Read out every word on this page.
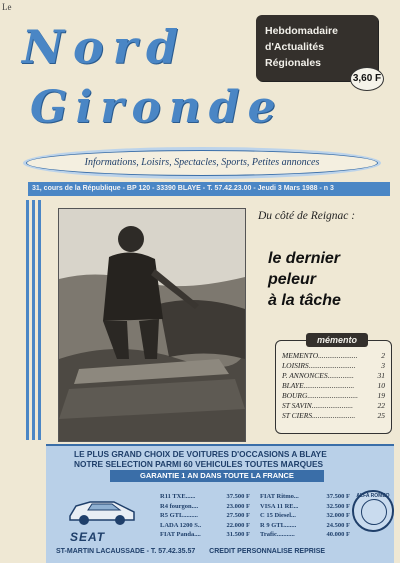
Le
Nord
Gironde
Hebdomadaire
d'Actualités
Régionales
3,60 F
Informations, Loisirs, Spectacles, Sports, Petites annonces
31, cours de la République - BP 120 - 33390 BLAYE - T. 57.42.23.00 - Jeudi 3 Mars 1988 - n 3
Du côté de Reignac :
le dernier
peleur
à la tâche
mémento
MEMENTO.....................	2
LOISIRS.........................	3
P. ANNONCES..............	31
BLAYE...........................	10
BOURG...........................	19
ST SAVIN......................	22
ST CIERS.......................	25
LE PLUS GRAND CHOIX DE VOITURES D'OCCASIONS A BLAYE
NOTRE SELECTION PARMI 60 VEHICULES TOUTES MARQUES
GARANTIE 1 AN DANS TOUTE LA FRANCE
SEAT
R11 TXE......	37.500 F
R4 fourgon....	23.000 F
R5 GTL.........	27.500 F
LADA 1200 S..	22.000 F
FIAT Panda....	31.500 F
FIAT Ritmo...	37.500 F
VISA 11 RE...	32.500 F
C 15 Diesel...	32.000 F
R 9 GTL.......	24.500 F
Trafic...........	40.000 F
ALFA ROMEO
ST-MARTIN LACAUSSADE - T. 57.42.35.57 CREDIT PERSONNALISE REPRISE
